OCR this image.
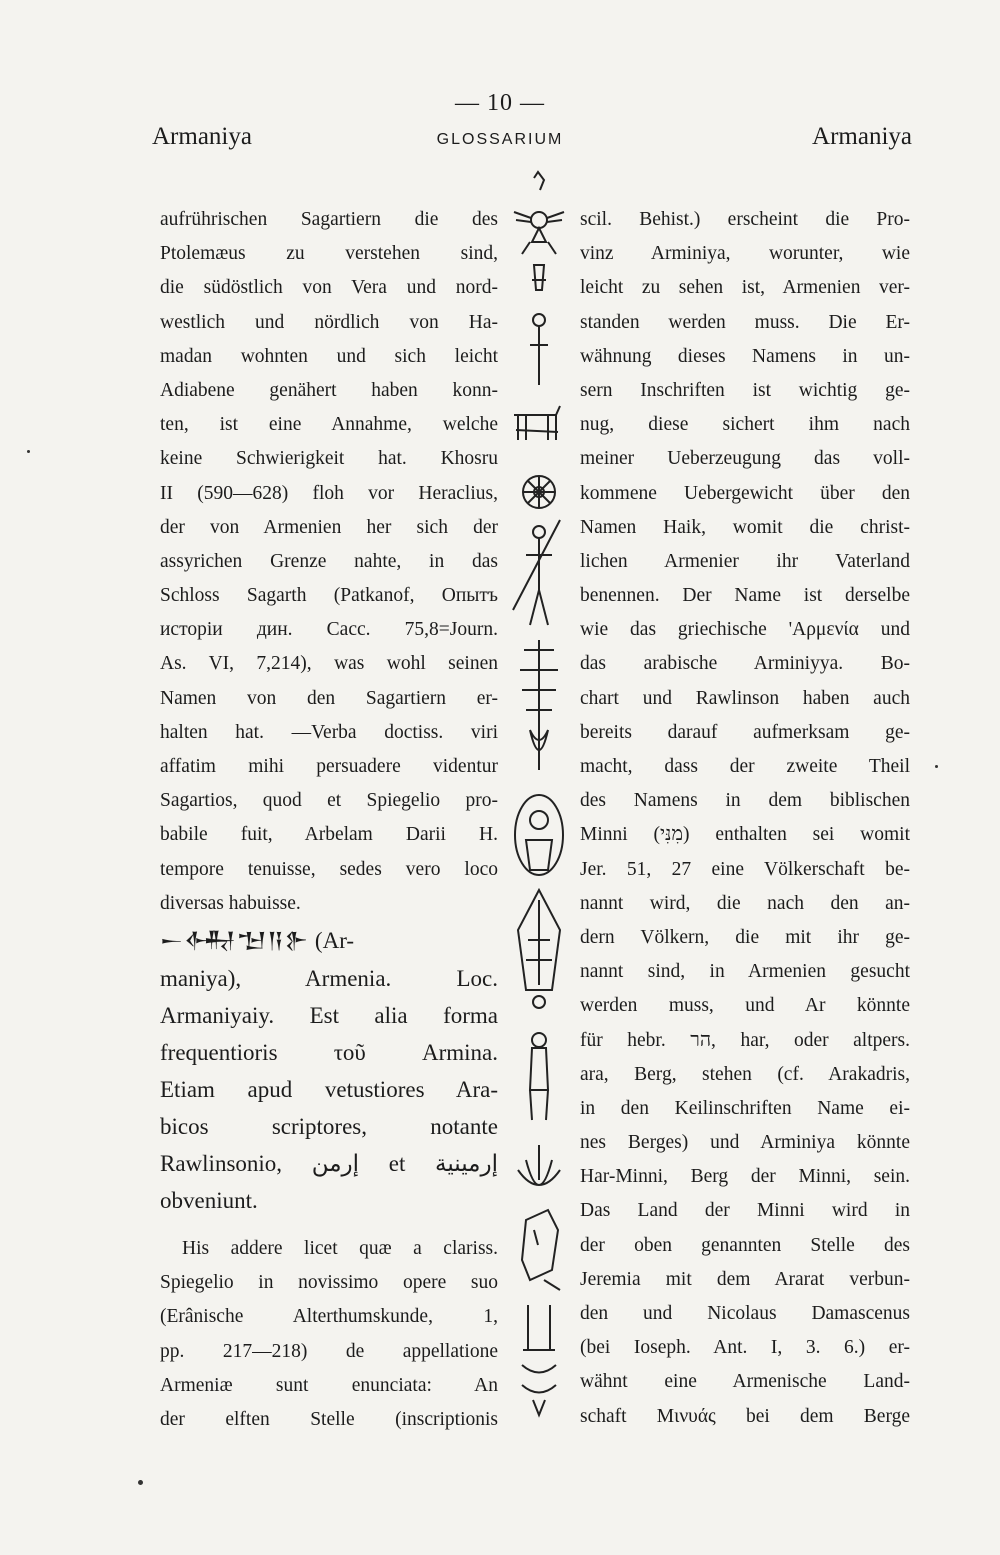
— 10 —
Armaniya	GLOSSARIUM	Armaniya
aufrührischen Sagartiern die des
Ptolemæus zu verstehen sind,
die südöstlich von Vera und nord-
westlich und nördlich von Ha-
madan wohnten und sich leicht
Adiabene genähert haben konn-
ten, ist eine Annahme, welche
keine Schwierigkeit hat. Khosru
II (590—628) floh vor Heraclius,
der von Armenien her sich der
assyrichen Grenze nahte, in das
Schloss Sagarth (Patkanof, Опытъ
исторіи дин. Сасс. 75,8=Journ.
As. VI, 7,214), was wohl seinen
Namen von den Sagartiern er-
halten hat. —Verba doctiss. viri
affatim mihi persuadere videntur
Sagartios, quod et Spiegelio pro-
babile fuit, Arbelam Darii H.
tempore tenuisse, sedes vero loco
diversas habuisse.
𒀸𒅈𒈠𒀀𒉿 (Ar-
maniya), Armenia. Loc.
Armaniyaiy. Est alia forma
frequentioris τοῦ Armina.
Etiam apud vetustiores Ara-
bicos scriptores, notante
Rawlinsonio, إرمن et إرمينية
obveniunt.
His addere licet quæ a clariss.
Spiegelio in novissimo opere suo
(Erânische Alterthumskunde, 1,
pp. 217—218) de appellatione
Armeniæ sunt enunciata: An
der elften Stelle (inscriptionis
scil. Behist.) erscheint die Pro-
vinz Arminiya, worunter, wie
leicht zu sehen ist, Armenien ver-
standen werden muss. Die Er-
wähnung dieses Namens in un-
sern Inschriften ist wichtig ge-
nug, diese sichert ihm nach
meiner Ueberzeugung das voll-
kommene Uebergewicht über den
Namen Haik, womit die christ-
lichen Armenier ihr Vaterland
benennen. Der Name ist derselbe
wie das griechische 'Αρμενία und
das arabische Arminiyya. Bo-
chart und Rawlinson haben auch
bereits darauf aufmerksam ge-
macht, dass der zweite Theil
des Namens in dem biblischen
Minni (מִנִּי) enthalten sei womit
Jer. 51, 27 eine Völkerschaft be-
nannt wird, die nach den an-
dern Völkern, die mit ihr ge-
nannt sind, in Armenien gesucht
werden muss, und Ar könnte
für hebr. הר, har, oder altpers.
ara, Berg, stehen (cf. Arakadris,
in den Keilinschriften Name ei-
nes Berges) und Arminiya könnte
Har-Minni, Berg der Minni, sein.
Das Land der Minni wird in
der oben genannten Stelle des
Jeremia mit dem Ararat verbun-
den und Nicolaus Damascenus
(bei Ioseph. Ant. I, 3. 6.) er-
wähnt eine Armenische Land-
schaft Μινυάς bei dem Berge
